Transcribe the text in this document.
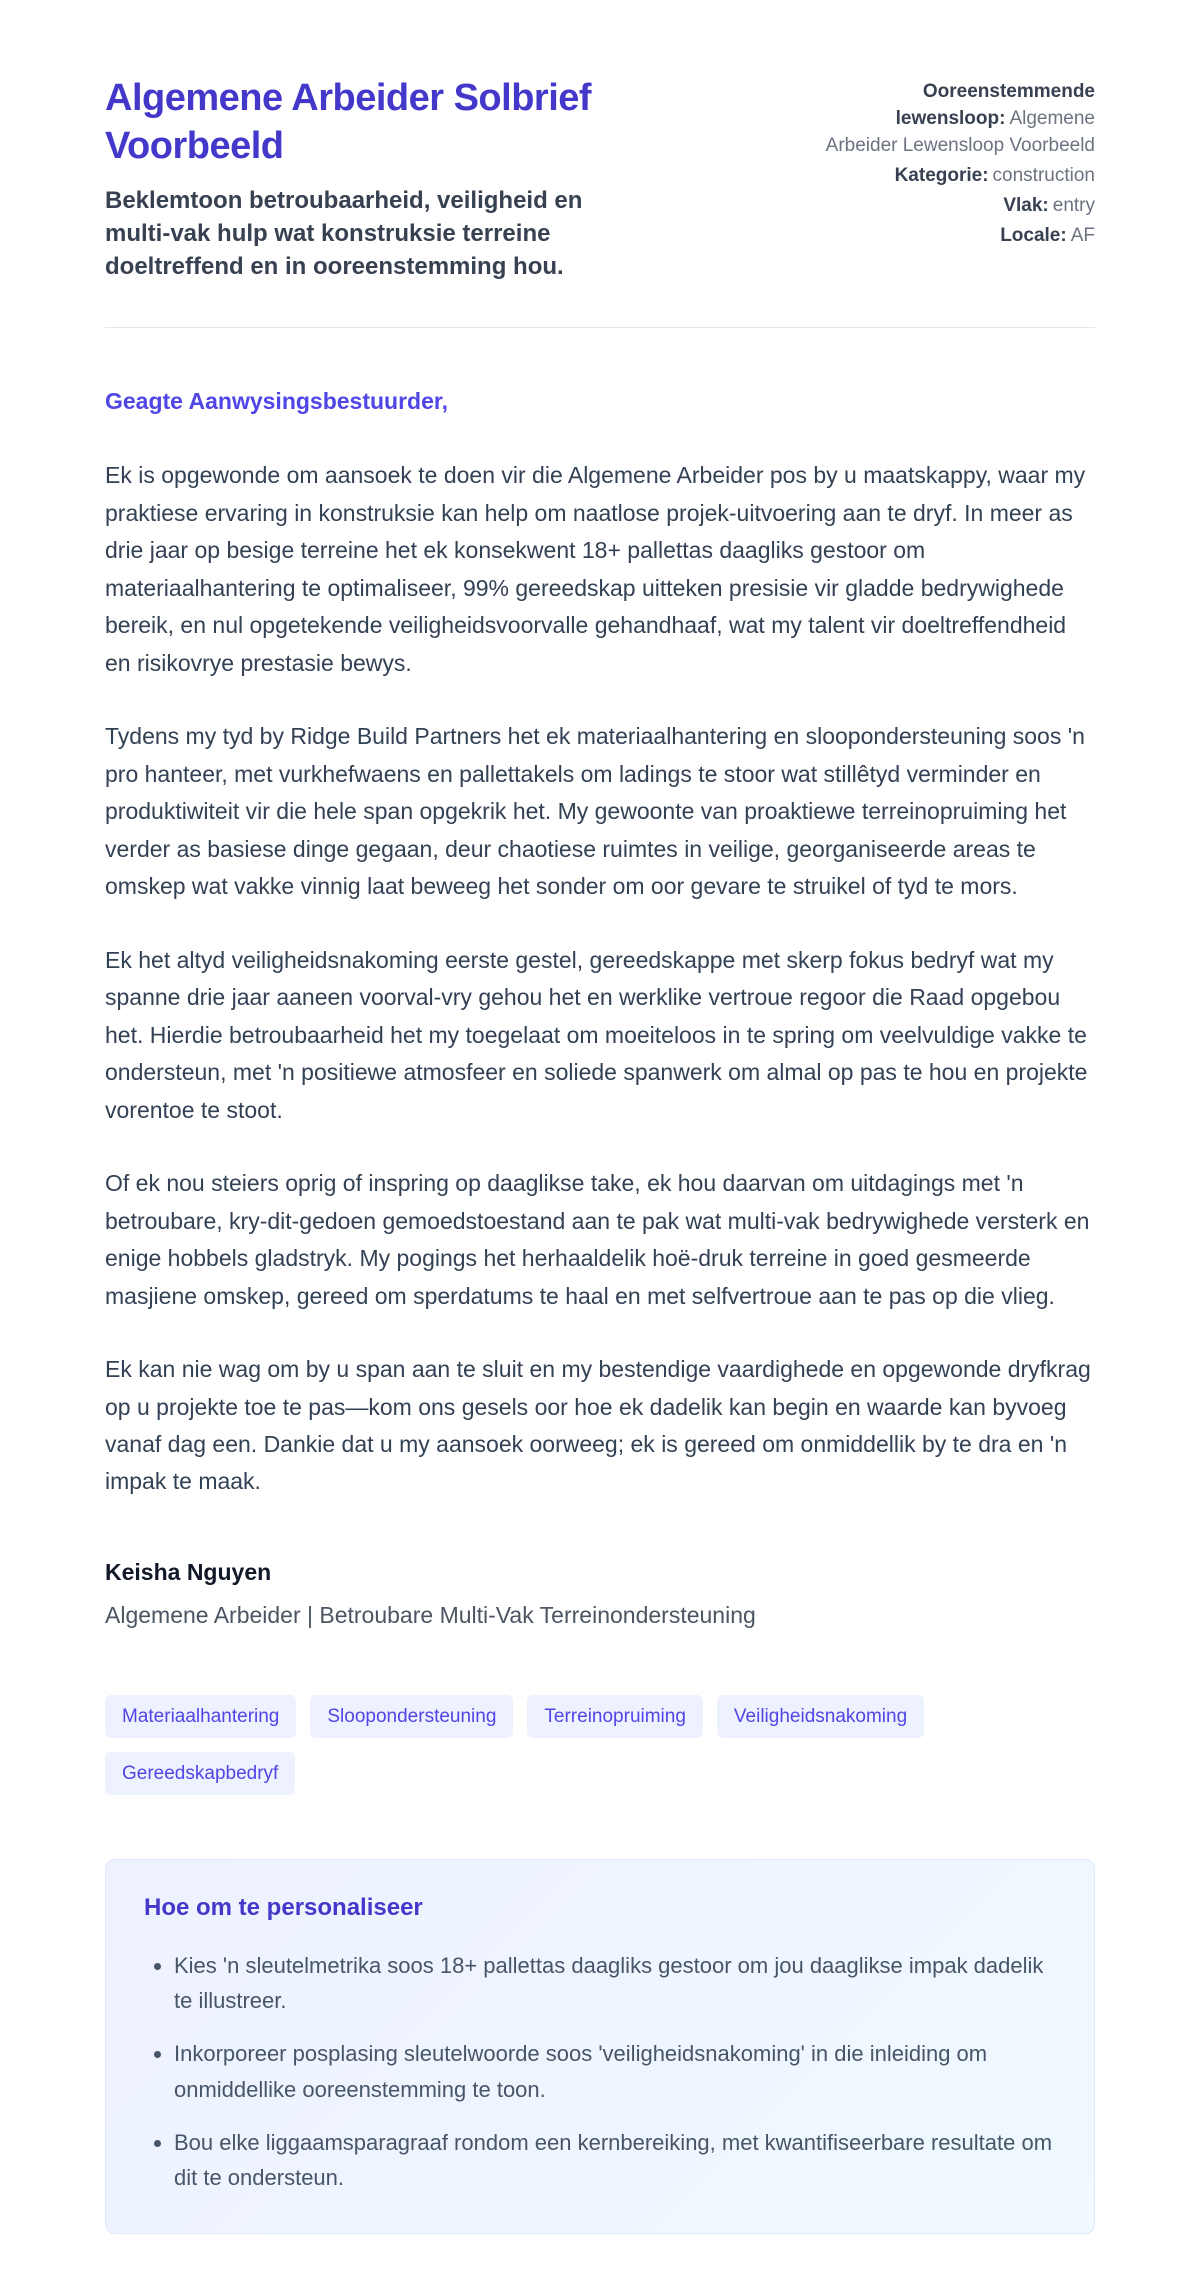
Algemene Arbeider Solbrief Voorbeeld
Beklemtoon betroubaarheid, veiligheid en multi-vak hulp wat konstruksie terreine doeltreffend en in ooreenstemming hou.
Ooreenstemmende lewensloop: Algemene Arbeider Lewensloop Voorbeeld
Kategorie: construction
Vlak: entry
Locale: AF

Geagte Aanwysingsbestuurder,

Ek is opgewonde om aansoek te doen vir die Algemene Arbeider pos by u maatskappy, waar my praktiese ervaring in konstruksie kan help om naatlose projek-uitvoering aan te dryf. In meer as drie jaar op besige terreine het ek konsekwent 18+ pallettas daagliks gestoor om materiaalhantering te optimaliseer, 99% gereedskap uitteken presisie vir gladde bedrywighede bereik, en nul opgetekende veiligheidsvoorvalle gehandhaaf, wat my talent vir doeltreffendheid en risikovrye prestasie bewys.

Tydens my tyd by Ridge Build Partners het ek materiaalhantering en sloopondersteuning soos 'n pro hanteer, met vurkhefwaens en pallettakels om ladings te stoor wat stillêtyd verminder en produktiwiteit vir die hele span opgekrik het. My gewoonte van proaktiewe terreinopruiming het verder as basiese dinge gegaan, deur chaotiese ruimtes in veilige, georganiseerde areas te omskep wat vakke vinnig laat beweeg het sonder om oor gevare te struikel of tyd te mors.

Ek het altyd veiligheidsnakoming eerste gestel, gereedskappe met skerp fokus bedryf wat my spanne drie jaar aaneen voorval-vry gehou het en werklike vertroue regoor die Raad opgebou het. Hierdie betroubaarheid het my toegelaat om moeiteloos in te spring om veelvuldige vakke te ondersteun, met 'n positiewe atmosfeer en soliede spanwerk om almal op pas te hou en projekte vorentoe te stoot.

Of ek nou steiers oprig of inspring op daaglikse take, ek hou daarvan om uitdagings met 'n betroubare, kry-dit-gedoen gemoedstoestand aan te pak wat multi-vak bedrywighede versterk en enige hobbels gladstryk. My pogings het herhaaldelik hoë-druk terreine in goed gesmeerde masjiene omskep, gereed om sperdatums te haal en met selfvertroue aan te pas op die vlieg.

Ek kan nie wag om by u span aan te sluit en my bestendige vaardighede en opgewonde dryfkrag op u projekte toe te pas—kom ons gesels oor hoe ek dadelik kan begin en waarde kan byvoeg vanaf dag een. Dankie dat u my aansoek oorweeg; ek is gereed om onmiddellik by te dra en 'n impak te maak.

Keisha Nguyen

Algemene Arbeider | Betroubare Multi-Vak Terreinondersteuning

Materiaalhantering	Sloopondersteuning	Terreinopruiming	Veiligheidsnakoming
Gereedskapbedryf
Hoe om te personaliseer
• Kies 'n sleutelmetrika soos 18+ pallettas daagliks gestoor om jou daaglikse impak dadelik te illustreer.
• Inkorporeer posplasing sleutelwoorde soos 'veiligheidsnakoming' in die inleiding om onmiddellike ooreenstemming te toon.
• Bou elke liggaamsparagraaf rondom een kernbereiking, met kwantifiseerbare resultate om dit te ondersteun.
